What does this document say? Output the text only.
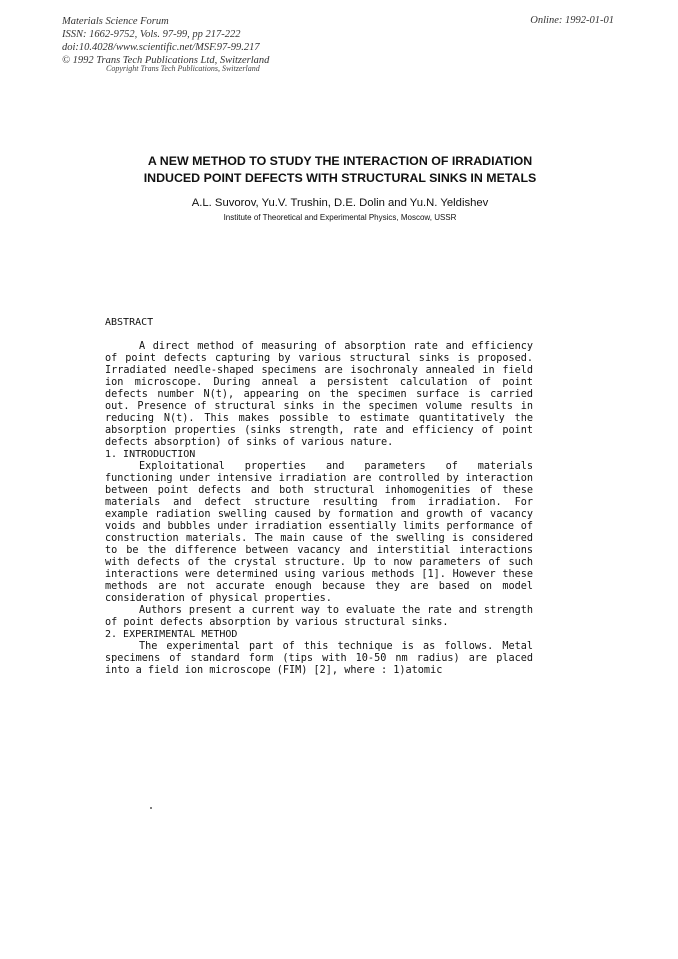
Materials Science Forum
ISSN: 1662-9752, Vols. 97-99, pp 217-222
doi:10.4028/www.scientific.net/MSF.97-99.217
© 1992 Trans Tech Publications Ltd, Switzerland
Online: 1992-01-01
Copyright Trans Tech Publications, Switzerland
A NEW METHOD TO STUDY THE INTERACTION OF IRRADIATION
INDUCED POINT DEFECTS WITH STRUCTURAL SINKS IN METALS
A.L. Suvorov, Yu.V. Trushin, D.E. Dolin and Yu.N. Yeldishev
Institute of Theoretical and Experimental Physics, Moscow, USSR
ABSTRACT

A direct method of measuring of absorption rate and efficiency of point defects capturing by various structural sinks is proposed. Irradiated needle-shaped specimens are isochronaly annealed in field ion microscope. During anneal a persistent calculation of point defects number N(t), appearing on the specimen surface is carried out. Presence of structural sinks in the specimen volume results in reducing N(t). This makes possible to estimate quantitatively the absorption properties (sinks strength, rate and efficiency of point defects absorption) of sinks of various nature.

1. INTRODUCTION

Exploitational properties and parameters of materials functioning under intensive irradiation are controlled by interaction between point defects and both structural inhomogenities of these materials and defect structure resulting from irradiation. For example radiation swelling caused by formation and growth of vacancy voids and bubbles under irradiation essentially limits performance of construction materials. The main cause of the swelling is considered to be the difference between vacancy and interstitial interactions with defects of the crystal structure. Up to now parameters of such interactions were determined using various methods [1]. However these methods are not accurate enough because they are based on model consideration of physical properties.

Authors present a current way to evaluate the rate and strength of point defects absorption by various structural sinks.

2. EXPERIMENTAL METHOD

The experimental part of this technique is as follows. Metal specimens of standard form (tips with 10-50 nm radius) are placed into a field ion microscope (FIM) [2], where : 1)atomic
